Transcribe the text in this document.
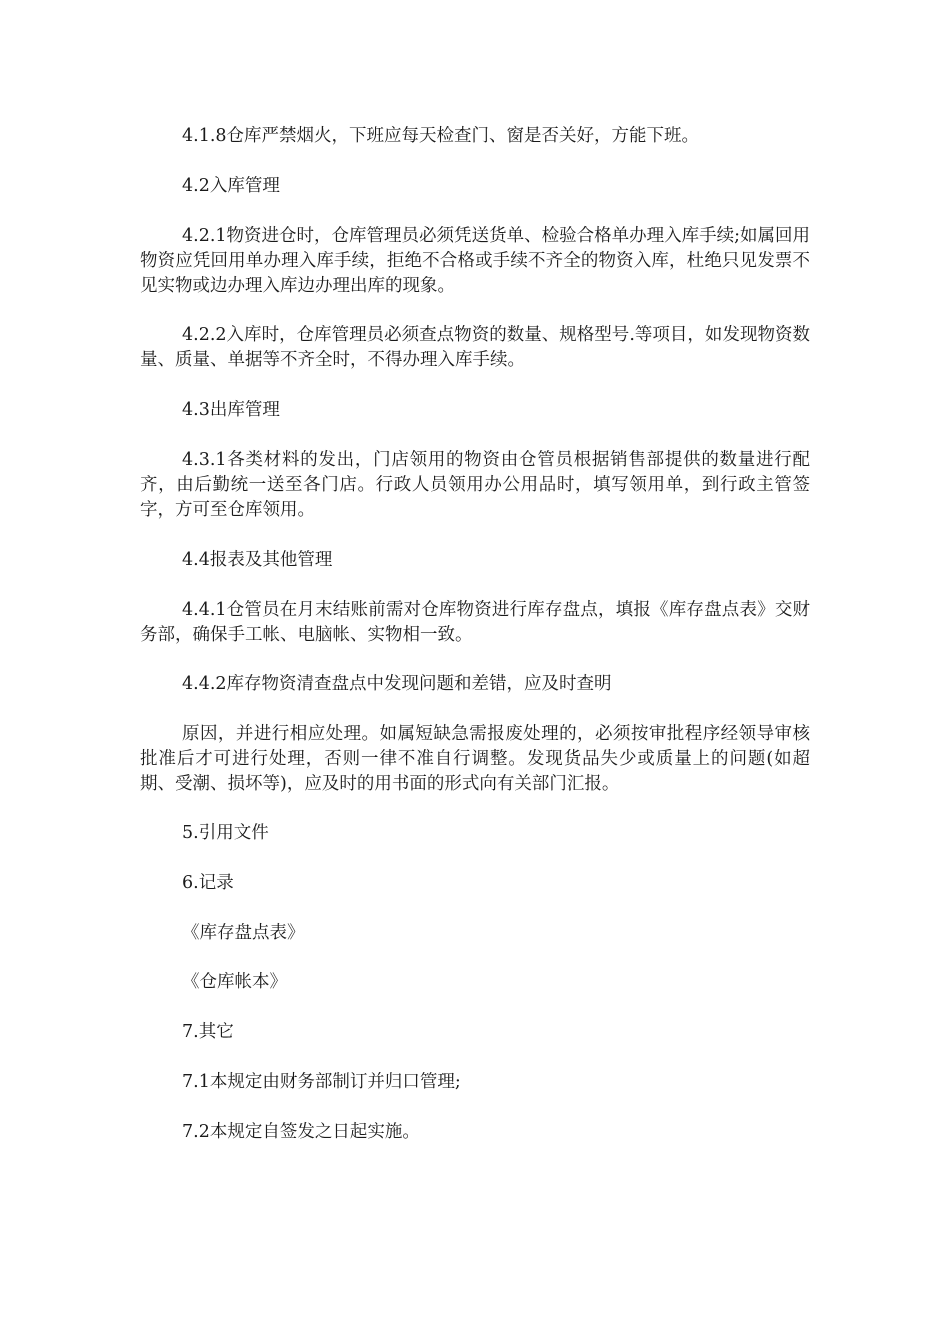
4.1.8仓库严禁烟火，下班应每天检查门、窗是否关好，方能下班。

4.2入库管理

4.2.1物资进仓时，仓库管理员必须凭送货单、检验合格单办理入库手续;如属回用物资应凭回用单办理入库手续，拒绝不合格或手续不齐全的物资入库，杜绝只见发票不见实物或边办理入库边办理出库的现象。

4.2.2入库时，仓库管理员必须查点物资的数量、规格型号.等项目，如发现物资数量、质量、单据等不齐全时，不得办理入库手续。

4.3出库管理

4.3.1各类材料的发出，门店领用的物资由仓管员根据销售部提供的数量进行配齐，由后勤统一送至各门店。行政人员领用办公用品时，填写领用单，到行政主管签字，方可至仓库领用。

4.4报表及其他管理

4.4.1仓管员在月末结账前需对仓库物资进行库存盘点，填报《库存盘点表》交财务部，确保手工帐、电脑帐、实物相一致。

4.4.2库存物资清查盘点中发现问题和差错，应及时查明

原因，并进行相应处理。如属短缺急需报废处理的，必须按审批程序经领导审核批准后才可进行处理，否则一律不准自行调整。发现货品失少或质量上的问题(如超期、受潮、损坏等)，应及时的用书面的形式向有关部门汇报。

5.引用文件

6.记录

《库存盘点表》

《仓库帐本》

7.其它

7.1本规定由财务部制订并归口管理;

7.2本规定自签发之日起实施。
